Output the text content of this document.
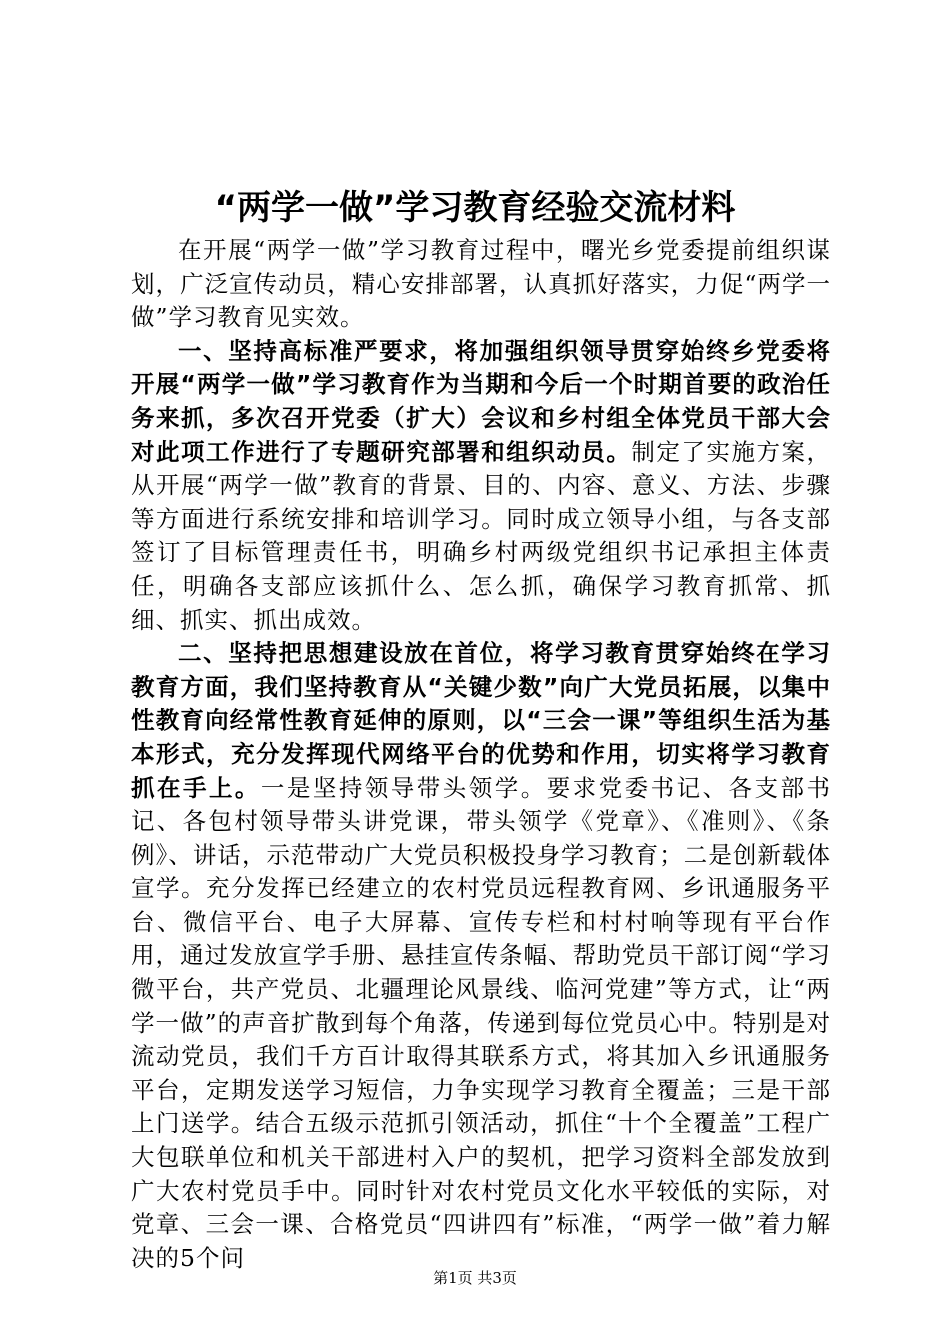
“两学一做”学习教育经验交流材料

在开展“两学一做”学习教育过程中，曙光乡党委提前组织谋划，广泛宣传动员，精心安排部署，认真抓好落实，力促“两学一做”学习教育见实效。

一、坚持高标准严要求，将加强组织领导贯穿始终乡党委将开展“两学一做”学习教育作为当期和今后一个时期首要的政治任务来抓，多次召开党委（扩大）会议和乡村组全体党员干部大会对此项工作进行了专题研究部署和组织动员。制定了实施方案，从开展“两学一做”教育的背景、目的、内容、意义、方法、步骤等方面进行系统安排和培训学习。同时成立领导小组，与各支部签订了目标管理责任书，明确乡村两级党组织书记承担主体责任，明确各支部应该抓什么、怎么抓，确保学习教育抓常、抓细、抓实、抓出成效。

二、坚持把思想建设放在首位，将学习教育贯穿始终在学习教育方面，我们坚持教育从“关键少数”向广大党员拓展，以集中性教育向经常性教育延伸的原则，以“三会一课”等组织生活为基本形式，充分发挥现代网络平台的优势和作用，切实将学习教育抓在手上。一是坚持领导带头领学。要求党委书记、各支部书记、各包村领导带头讲党课，带头领学《党章》、《准则》、《条例》、讲话，示范带动广大党员积极投身学习教育；二是创新载体宣学。充分发挥已经建立的农村党员远程教育网、乡讯通服务平台、微信平台、电子大屏幕、宣传专栏和村村响等现有平台作用，通过发放宣学手册、悬挂宣传条幅、帮助党员干部订阅“学习微平台，共产党员、北疆理论风景线、临河党建”等方式，让“两学一做”的声音扩散到每个角落，传递到每位党员心中。特别是对流动党员，我们千方百计取得其联系方式，将其加入乡讯通服务平台，定期发送学习短信，力争实现学习教育全覆盖；三是干部上门送学。结合五级示范抓引领活动，抓住“十个全覆盖”工程广大包联单位和机关干部进村入户的契机，把学习资料全部发放到广大农村党员手中。同时针对农村党员文化水平较低的实际，对党章、三会一课、合格党员“四讲四有”标准，“两学一做”着力解决的5个问

第1页 共3页
